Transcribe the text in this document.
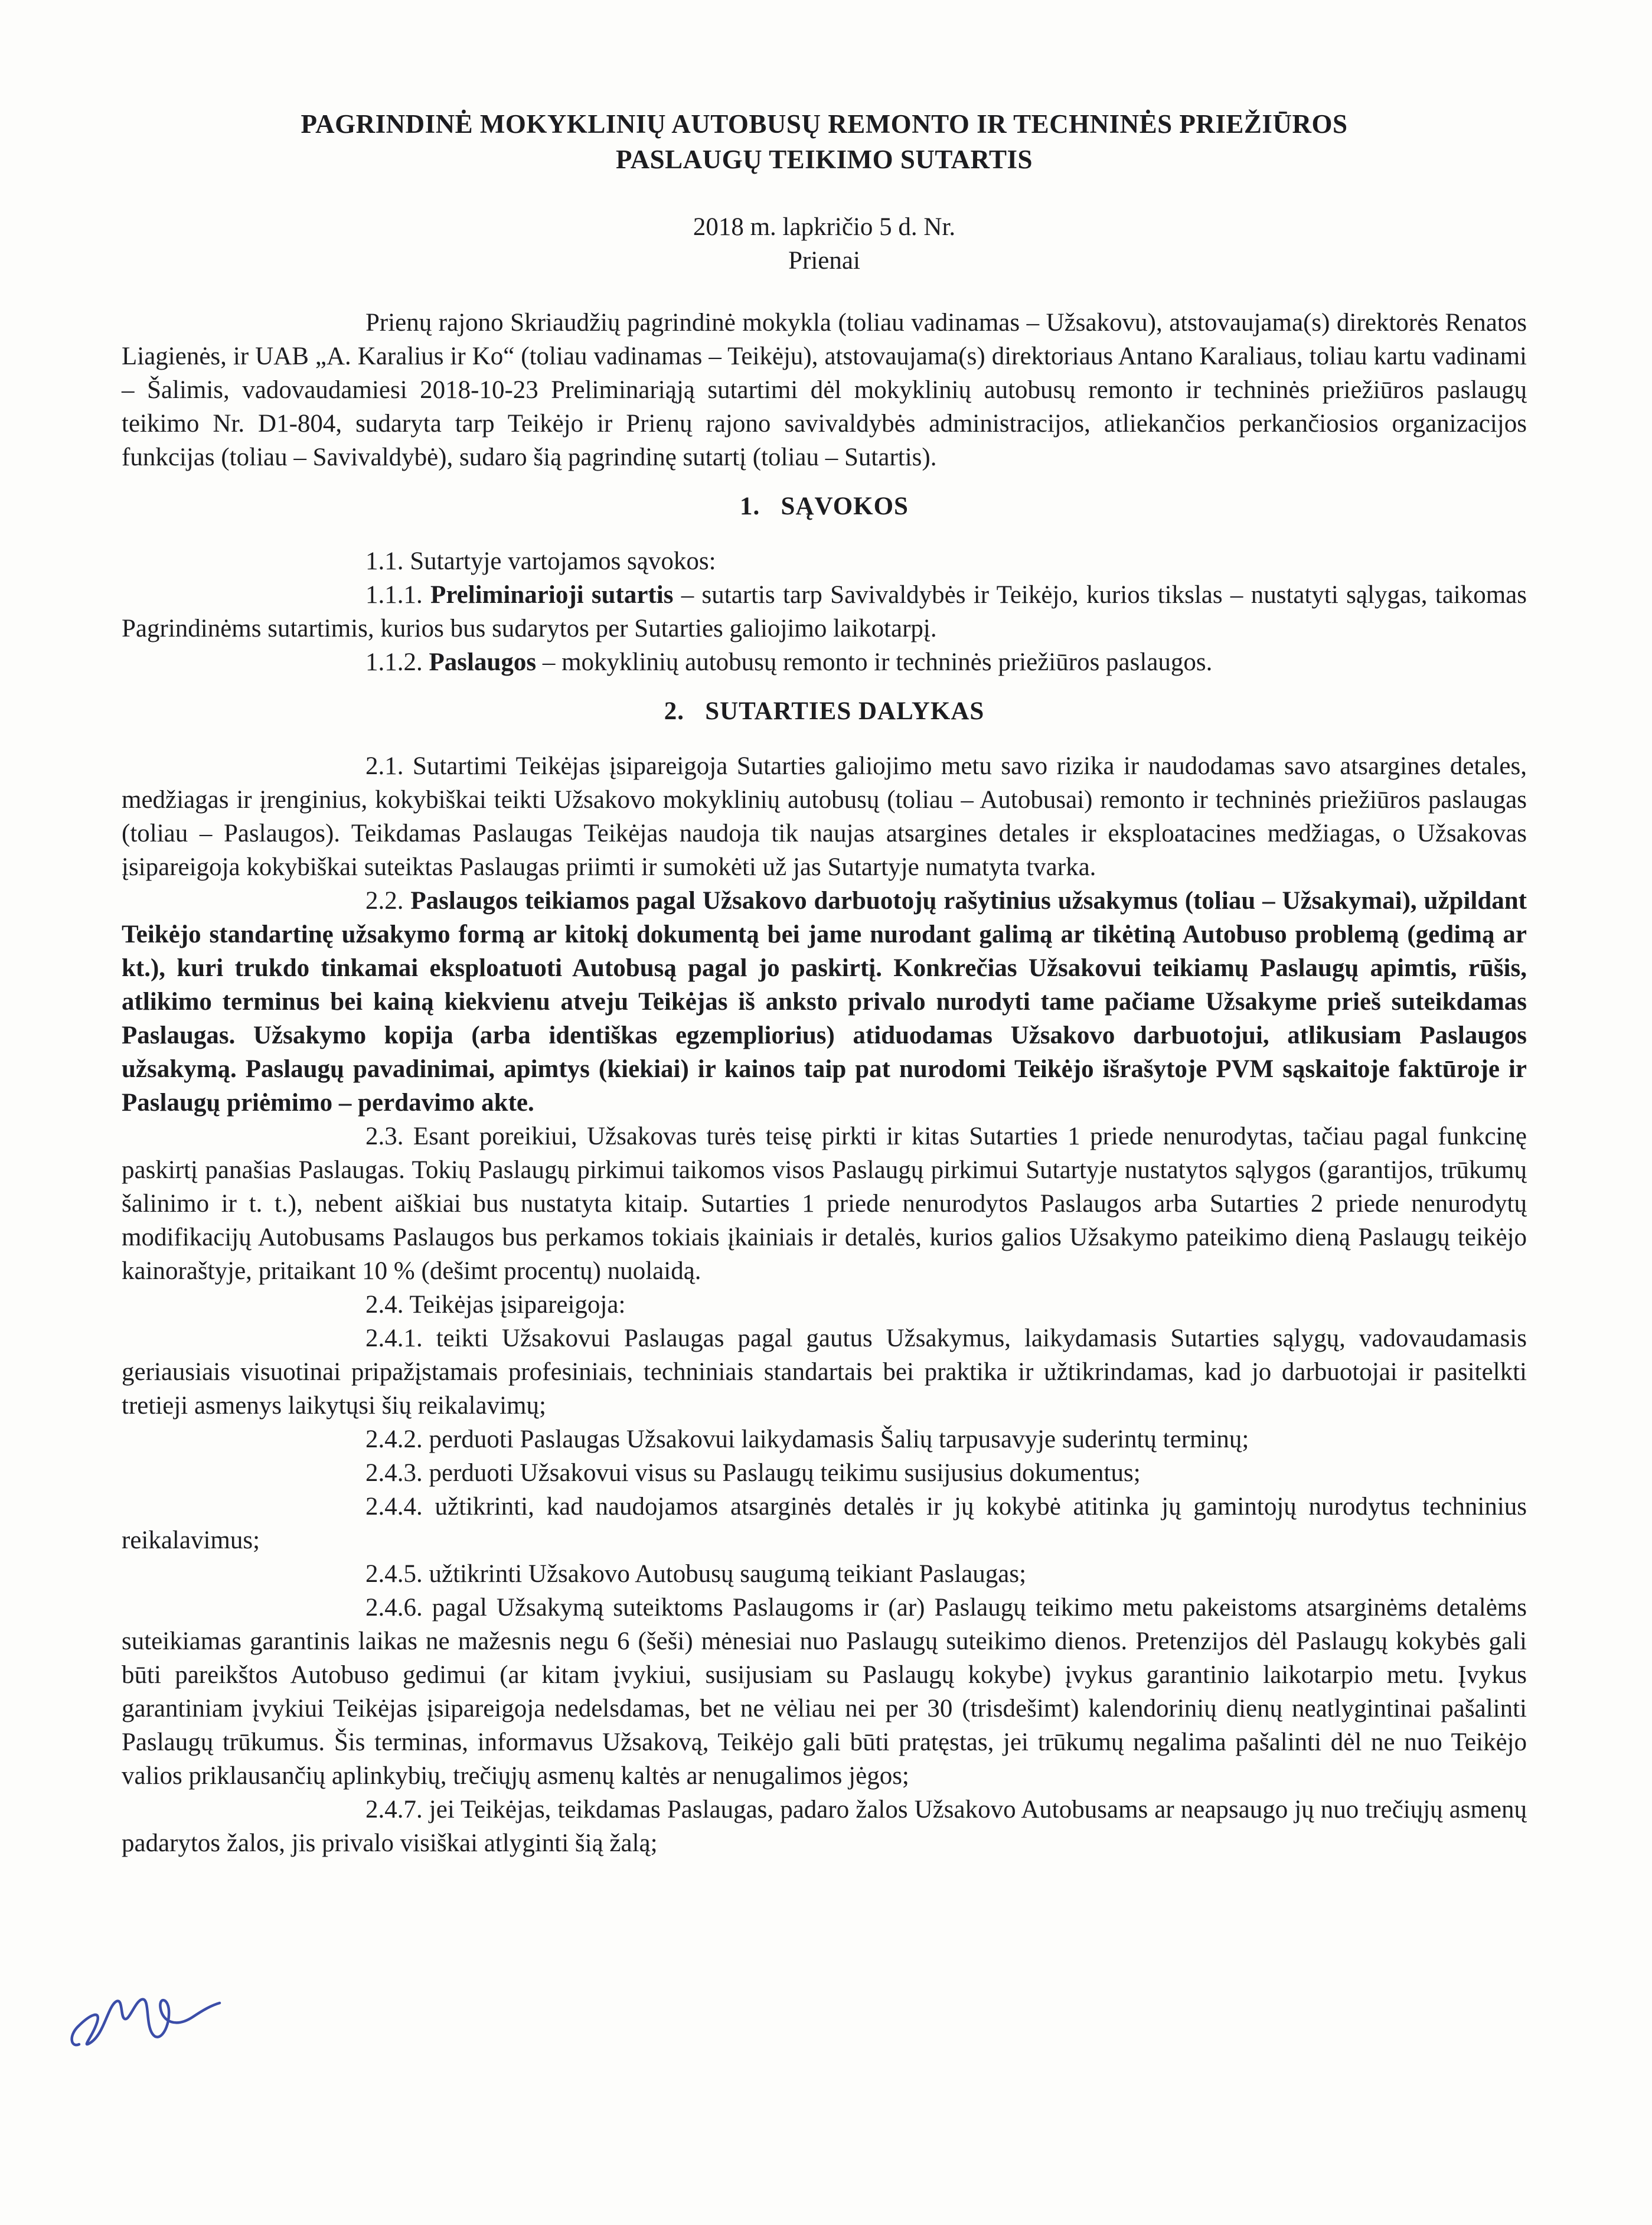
PAGRINDINĖ MOKYKLINIŲ AUTOBUSŲ REMONTO IR TECHNINĖS PRIEŽIŪROS
PASLAUGŲ TEIKIMO SUTARTIS

2018 m. lapkričio 5 d. Nr.

Prienai

Prienų rajono Skriaudžių pagrindinė mokykla (toliau vadinamas – Užsakovu), atstovaujama(s) direktorės Renatos Liagienės, ir UAB „A. Karalius ir Ko“ (toliau vadinamas – Teikėju), atstovaujama(s) direktoriaus Antano Karaliaus, toliau kartu vadinami – Šalimis, vadovaudamiesi 2018-10-23 Preliminariąją sutartimi dėl mokyklinių autobusų remonto ir techninės priežiūros paslaugų teikimo Nr. D1-804, sudaryta tarp Teikėjo ir Prienų rajono savivaldybės administracijos, atliekančios perkančiosios organizacijos funkcijas (toliau – Savivaldybė), sudaro šią pagrindinę sutartį (toliau – Sutartis).

1.   SĄVOKOS

1.1. Sutartyje vartojamos sąvokos:

1.1.1. Preliminarioji sutartis – sutartis tarp Savivaldybės ir Teikėjo, kurios tikslas – nustatyti sąlygas, taikomas Pagrindinėms sutartimis, kurios bus sudarytos per Sutarties galiojimo laikotarpį.

1.1.2. Paslaugos – mokyklinių autobusų remonto ir techninės priežiūros paslaugos.

2.   SUTARTIES DALYKAS

2.1. Sutartimi Teikėjas įsipareigoja Sutarties galiojimo metu savo rizika ir naudodamas savo atsargines detales, medžiagas ir įrenginius, kokybiškai teikti Užsakovo mokyklinių autobusų (toliau – Autobusai) remonto ir techninės priežiūros paslaugas (toliau – Paslaugos). Teikdamas Paslaugas Teikėjas naudoja tik naujas atsargines detales ir eksploatacines medžiagas, o Užsakovas įsipareigoja kokybiškai suteiktas Paslaugas priimti ir sumokėti už jas Sutartyje numatyta tvarka.

2.2. Paslaugos teikiamos pagal Užsakovo darbuotojų rašytinius užsakymus (toliau – Užsakymai), užpildant Teikėjo standartinę užsakymo formą ar kitokį dokumentą bei jame nurodant galimą ar tikėtiną Autobuso problemą (gedimą ar kt.), kuri trukdo tinkamai eksploatuoti Autobusą pagal jo paskirtį. Konkrečias Užsakovui teikiamų Paslaugų apimtis, rūšis, atlikimo terminus bei kainą kiekvienu atveju Teikėjas iš anksto privalo nurodyti tame pačiame Užsakyme prieš suteikdamas Paslaugas. Užsakymo kopija (arba identiškas egzempliorius) atiduodamas Užsakovo darbuotojui, atlikusiam Paslaugos užsakymą. Paslaugų pavadinimai, apimtys (kiekiai) ir kainos taip pat nurodomi Teikėjo išrašytoje PVM sąskaitoje faktūroje ir Paslaugų priėmimo – perdavimo akte.

2.3. Esant poreikiui, Užsakovas turės teisę pirkti ir kitas Sutarties 1 priede nenurodytas, tačiau pagal funkcinę paskirtį panašias Paslaugas. Tokių Paslaugų pirkimui taikomos visos Paslaugų pirkimui Sutartyje nustatytos sąlygos (garantijos, trūkumų šalinimo ir t. t.), nebent aiškiai bus nustatyta kitaip. Sutarties 1 priede nenurodytos Paslaugos arba Sutarties 2 priede nenurodytų modifikacijų Autobusams Paslaugos bus perkamos tokiais įkainiais ir detalės, kurios galios Užsakymo pateikimo dieną Paslaugų teikėjo kainoraštyje, pritaikant 10 % (dešimt procentų) nuolaidą.

2.4. Teikėjas įsipareigoja:

2.4.1. teikti Užsakovui Paslaugas pagal gautus Užsakymus, laikydamasis Sutarties sąlygų, vadovaudamasis geriausiais visuotinai pripažįstamais profesiniais, techniniais standartais bei praktika ir užtikrindamas, kad jo darbuotojai ir pasitelkti tretieji asmenys laikytųsi šių reikalavimų;

2.4.2. perduoti Paslaugas Užsakovui laikydamasis Šalių tarpusavyje suderintų terminų;

2.4.3. perduoti Užsakovui visus su Paslaugų teikimu susijusius dokumentus;

2.4.4. užtikrinti, kad naudojamos atsarginės detalės ir jų kokybė atitinka jų gamintojų nurodytus techninius reikalavimus;

2.4.5. užtikrinti Užsakovo Autobusų saugumą teikiant Paslaugas;

2.4.6. pagal Užsakymą suteiktoms Paslaugoms ir (ar) Paslaugų teikimo metu pakeistoms atsarginėms detalėms suteikiamas garantinis laikas ne mažesnis negu 6 (šeši) mėnesiai nuo Paslaugų suteikimo dienos. Pretenzijos dėl Paslaugų kokybės gali būti pareikštos Autobuso gedimui (ar kitam įvykiui, susijusiam su Paslaugų kokybe) įvykus garantinio laikotarpio metu. Įvykus garantiniam įvykiui Teikėjas įsipareigoja nedelsdamas, bet ne vėliau nei per 30 (trisdešimt) kalendorinių dienų neatlygintinai pašalinti Paslaugų trūkumus. Šis terminas, informavus Užsakovą, Teikėjo gali būti pratęstas, jei trūkumų negalima pašalinti dėl ne nuo Teikėjo valios priklausančių aplinkybių, trečiųjų asmenų kaltės ar nenugalimos jėgos;

2.4.7. jei Teikėjas, teikdamas Paslaugas, padaro žalos Užsakovo Autobusams ar neapsaugo jų nuo trečiųjų asmenų padarytos žalos, jis privalo visiškai atlyginti šią žalą;
